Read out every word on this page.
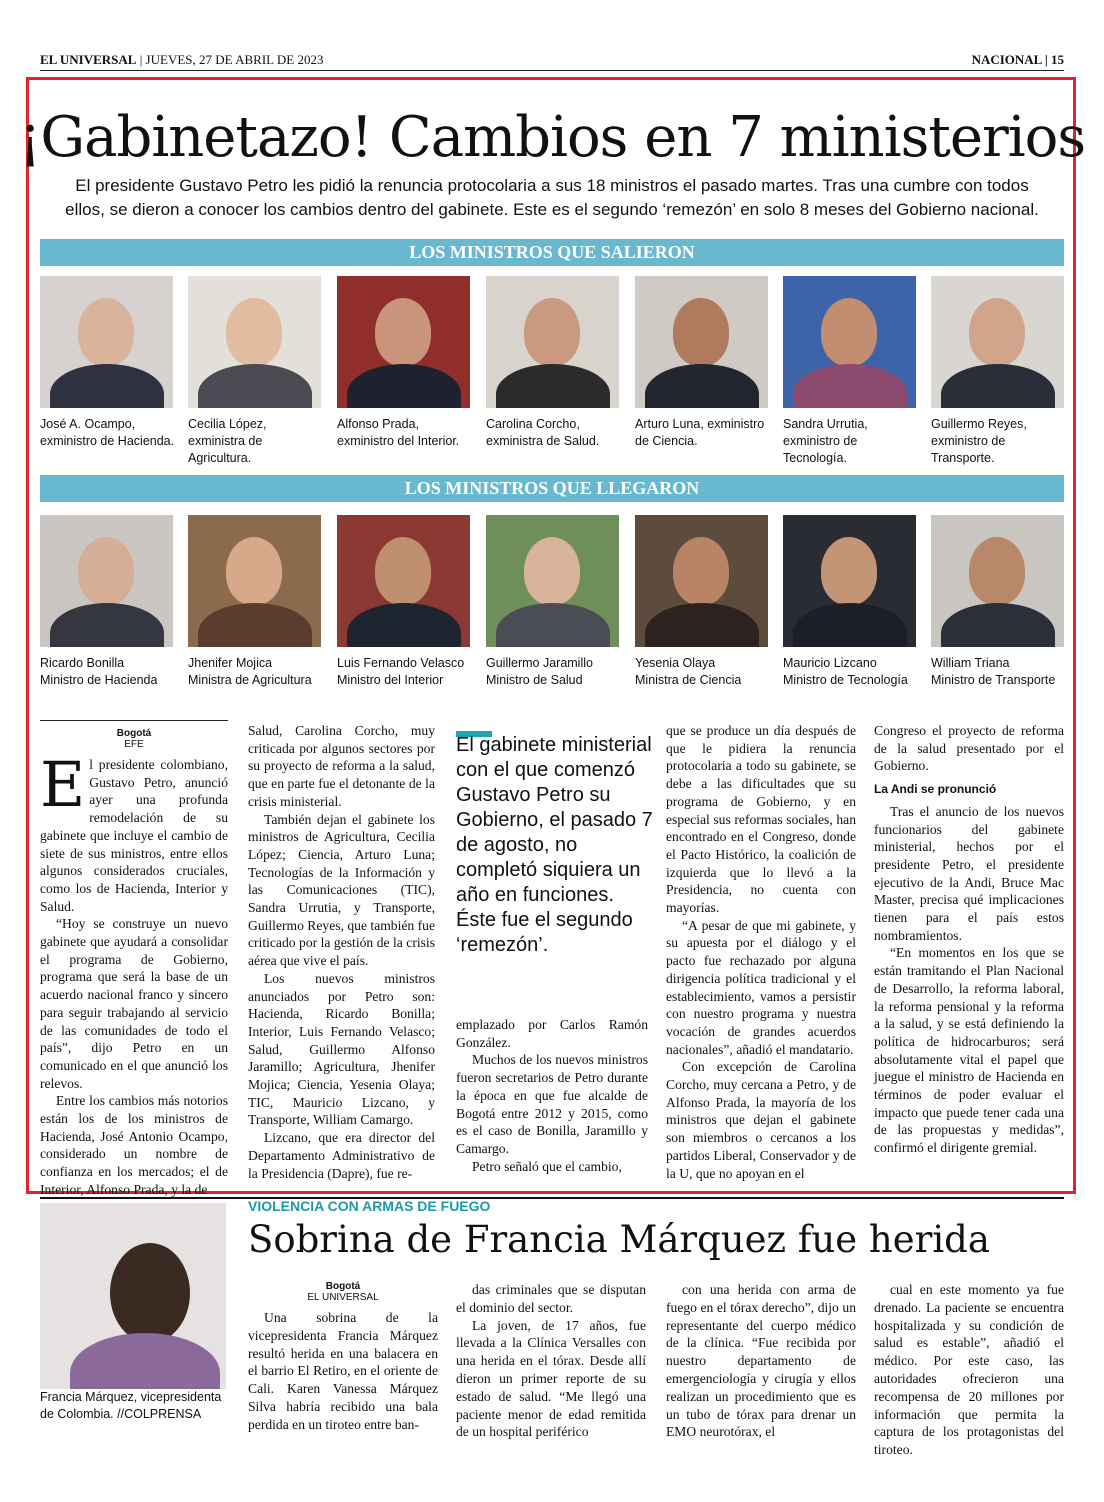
EL UNIVERSAL | JUEVES, 27 DE ABRIL DE 2023	NACIONAL | 15
¡Gabinetazo! Cambios en 7 ministerios
El presidente Gustavo Petro les pidió la renuncia protocolaria a sus 18 ministros el pasado martes. Tras una cumbre con todos ellos, se dieron a conocer los cambios dentro del gabinete. Este es el segundo ‘remezón’ en solo 8 meses del Gobierno nacional.
LOS MINISTROS QUE SALIERON
José A. Ocampo, exministro de Hacienda.
Cecilia López, exministra de Agricultura.
Alfonso Prada, exministro del Interior.
Carolina Corcho, exministra de Salud.
Arturo Luna, exministro de Ciencia.
Sandra Urrutia, exministro de Tecnología.
Guillermo Reyes, exministro de Transporte.
LOS MINISTROS QUE LLEGARON
Ricardo Bonilla
Ministro de Hacienda
Jhenifer Mojica
Ministra de Agricultura
Luis Fernando Velasco
Ministro del Interior
Guillermo Jaramillo
Ministro de Salud
Yesenia Olaya
Ministra de Ciencia
Mauricio Lizcano
Ministro de Tecnología
William Triana
Ministro de Transporte
Bogotá
EFE

El presidente colombiano, Gustavo Petro, anunció ayer una profunda remodelación de su gabinete que incluye el cambio de siete de sus ministros, entre ellos algunos considerados cruciales, como los de Hacienda, Interior y Salud.

“Hoy se construye un nuevo gabinete que ayudará a consolidar el programa de Gobierno, programa que será la base de un acuerdo nacional franco y sincero para seguir trabajando al servicio de las comunidades de todo el país”, dijo Petro en un comunicado en el que anunció los relevos.

Entre los cambios más notorios están los de los ministros de Hacienda, José Antonio Ocampo, considerado un nombre de confianza en los mercados; el de Interior, Alfonso Prada, y la de

Salud, Carolina Corcho, muy criticada por algunos sectores por su proyecto de reforma a la salud, que en parte fue el detonante de la crisis ministerial.

También dejan el gabinete los ministros de Agricultura, Cecilia López; Ciencia, Arturo Luna; Tecnologías de la Información y las Comunicaciones (TIC), Sandra Urrutia, y Transporte, Guillermo Reyes, que también fue criticado por la gestión de la crisis aérea que vive el país.

Los nuevos ministros anunciados por Petro son: Hacienda, Ricardo Bonilla; Interior, Luis Fernando Velasco; Salud, Guillermo Alfonso Jaramillo; Agricultura, Jhenifer Mojica; Ciencia, Yesenia Olaya; TIC, Mauricio Lizcano, y Transporte, William Camargo.

Lizcano, que era director del Departamento Administrativo de la Presidencia (Dapre), fue re-

El gabinete ministerial con el que comenzó Gustavo Petro su Gobierno, el pasado 7 de agosto, no completó siquiera un año en funciones. Éste fue el segundo ‘remezón’.

emplazado por Carlos Ramón González.

Muchos de los nuevos ministros fueron secretarios de Petro durante la época en que fue alcalde de Bogotá entre 2012 y 2015, como es el caso de Bonilla, Jaramillo y Camargo.

Petro señaló que el cambio,

que se produce un día después de que le pidiera la renuncia protocolaria a todo su gabinete, se debe a las dificultades que su programa de Gobierno, y en especial sus reformas sociales, han encontrado en el Congreso, donde el Pacto Histórico, la coalición de izquierda que lo llevó a la Presidencia, no cuenta con mayorías.

“A pesar de que mi gabinete, y su apuesta por el diálogo y el pacto fue rechazado por alguna dirigencia política tradicional y el establecimiento, vamos a persistir con nuestro programa y nuestra vocación de grandes acuerdos nacionales”, añadió el mandatario.

Con excepción de Carolina Corcho, muy cercana a Petro, y de Alfonso Prada, la mayoría de los ministros que dejan el gabinete son miembros o cercanos a los partidos Liberal, Conservador y de la U, que no apoyan en el

Congreso el proyecto de reforma de la salud presentado por el Gobierno.

La Andi se pronunció

Tras el anuncio de los nuevos funcionarios del gabinete ministerial, hechos por el presidente Petro, el presidente ejecutivo de la Andi, Bruce Mac Master, precisa qué implicaciones tienen para el país estos nombramientos.

“En momentos en los que se están tramitando el Plan Nacional de Desarrollo, la reforma laboral, la reforma pensional y la reforma a la salud, y se está definiendo la política de hidrocarburos; será absolutamente vital el papel que juegue el ministro de Hacienda en términos de poder evaluar el impacto que puede tener cada una de las propuestas y medidas”, confirmó el dirigente gremial.

Francia Márquez, vicepresidenta de Colombia. //COLPRENSA
VIOLENCIA CON ARMAS DE FUEGO
Sobrina de Francia Márquez fue herida
Bogotá
EL UNIVERSAL

Una sobrina de la vicepresidenta Francia Márquez resultó herida en una balacera en el barrio El Retiro, en el oriente de Cali. Karen Vanessa Márquez Silva habría recibido una bala perdida en un tiroteo entre ban-

das criminales que se disputan el dominio del sector.

La joven, de 17 años, fue llevada a la Clínica Versalles con una herida en el tórax. Desde allí dieron un primer reporte de su estado de salud. “Me llegó una paciente menor de edad remitida de un hospital periférico

con una herida con arma de fuego en el tórax derecho”, dijo un representante del cuerpo médico de la clínica. “Fue recibida por nuestro departamento de emergenciología y cirugía y ellos realizan un procedimiento que es un tubo de tórax para drenar un EMO neurotórax, el

cual en este momento ya fue drenado. La paciente se encuentra hospitalizada y su condición de salud es estable”, añadió el médico. Por este caso, las autoridades ofrecieron una recompensa de 20 millones por información que permita la captura de los protagonistas del tiroteo.
